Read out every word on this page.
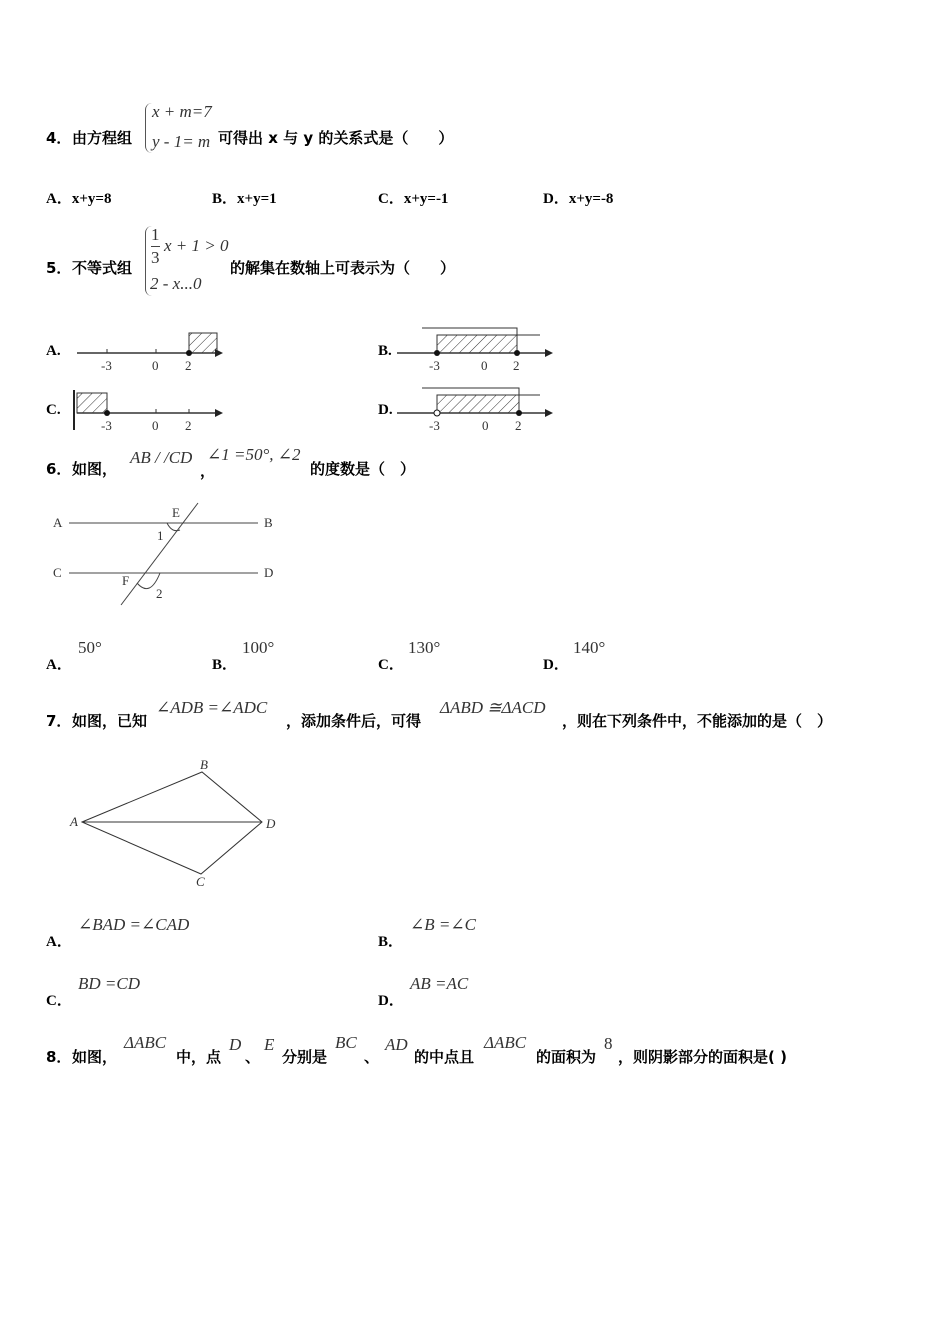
4． 由方程组
x + m=7
y - 1= m 可得出 x 与 y 的关系式是（　　）
A．x+y=8	B．x+y=1	C．x+y=-1	D．x+y=-8
5． 不等式组
1
3
x + 1 > 0
2 - x...0
的解集在数轴上可表示为（　　）
A.
-3	0 2
B.
-3	0 2
C.
-3	0 2
D.
-3	0 2
6． 如图，
AB / /CD
，
∠1 =50°, ∠2
的度数是（　）
A	B
C	D
E
F
1
2
A．
50°
B．
100°
C．
130°
D．
140°
7． 如图，已知
∠ADB =∠ADC
，添加条件后，可得
ΔABD ≅ΔACD
，则在下列条件中，不能添加的是（　）
A
B
D
C
A．
∠BAD =∠CAD
B．
∠B =∠C
C．
BD =CD
D．
AB =AC
8． 如图，
ΔABC
中，点
D
、
E
分别是
BC
、
AD
的中点且
ΔABC
的面积为
8
，则阴影部分的面积是( )
